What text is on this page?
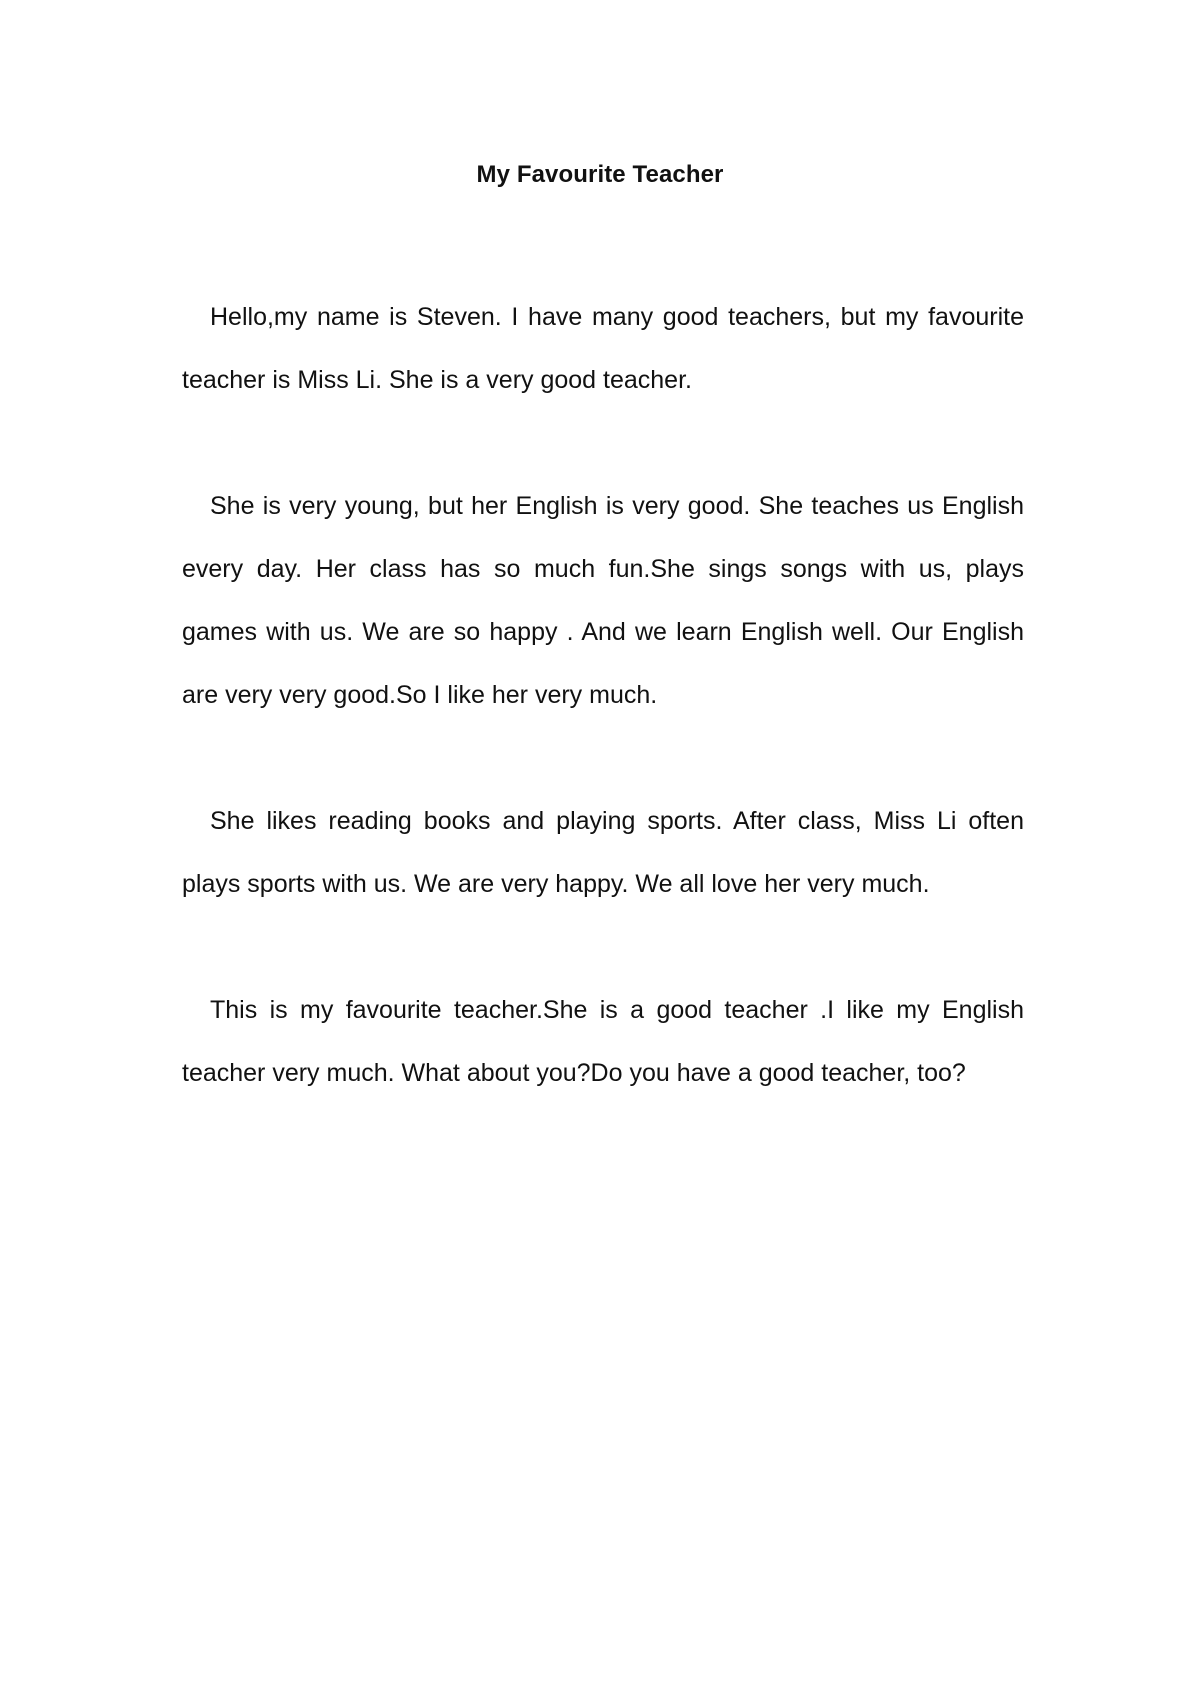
My Favourite Teacher

Hello,my name is Steven. I have many good teachers, but my favourite teacher is Miss Li. She is a very good teacher.

She is very young, but her English is very good. She teaches us English every day. Her class has so much fun.She sings songs with us, plays games with us. We are so happy . And we learn English well. Our English are very very good.So I like her very much.

She likes reading books and playing sports. After class, Miss Li often plays sports with us. We are very happy. We all love her very much.

This is my favourite teacher.She is a good teacher .I like my English teacher very much. What about you?Do you have a good teacher, too?
